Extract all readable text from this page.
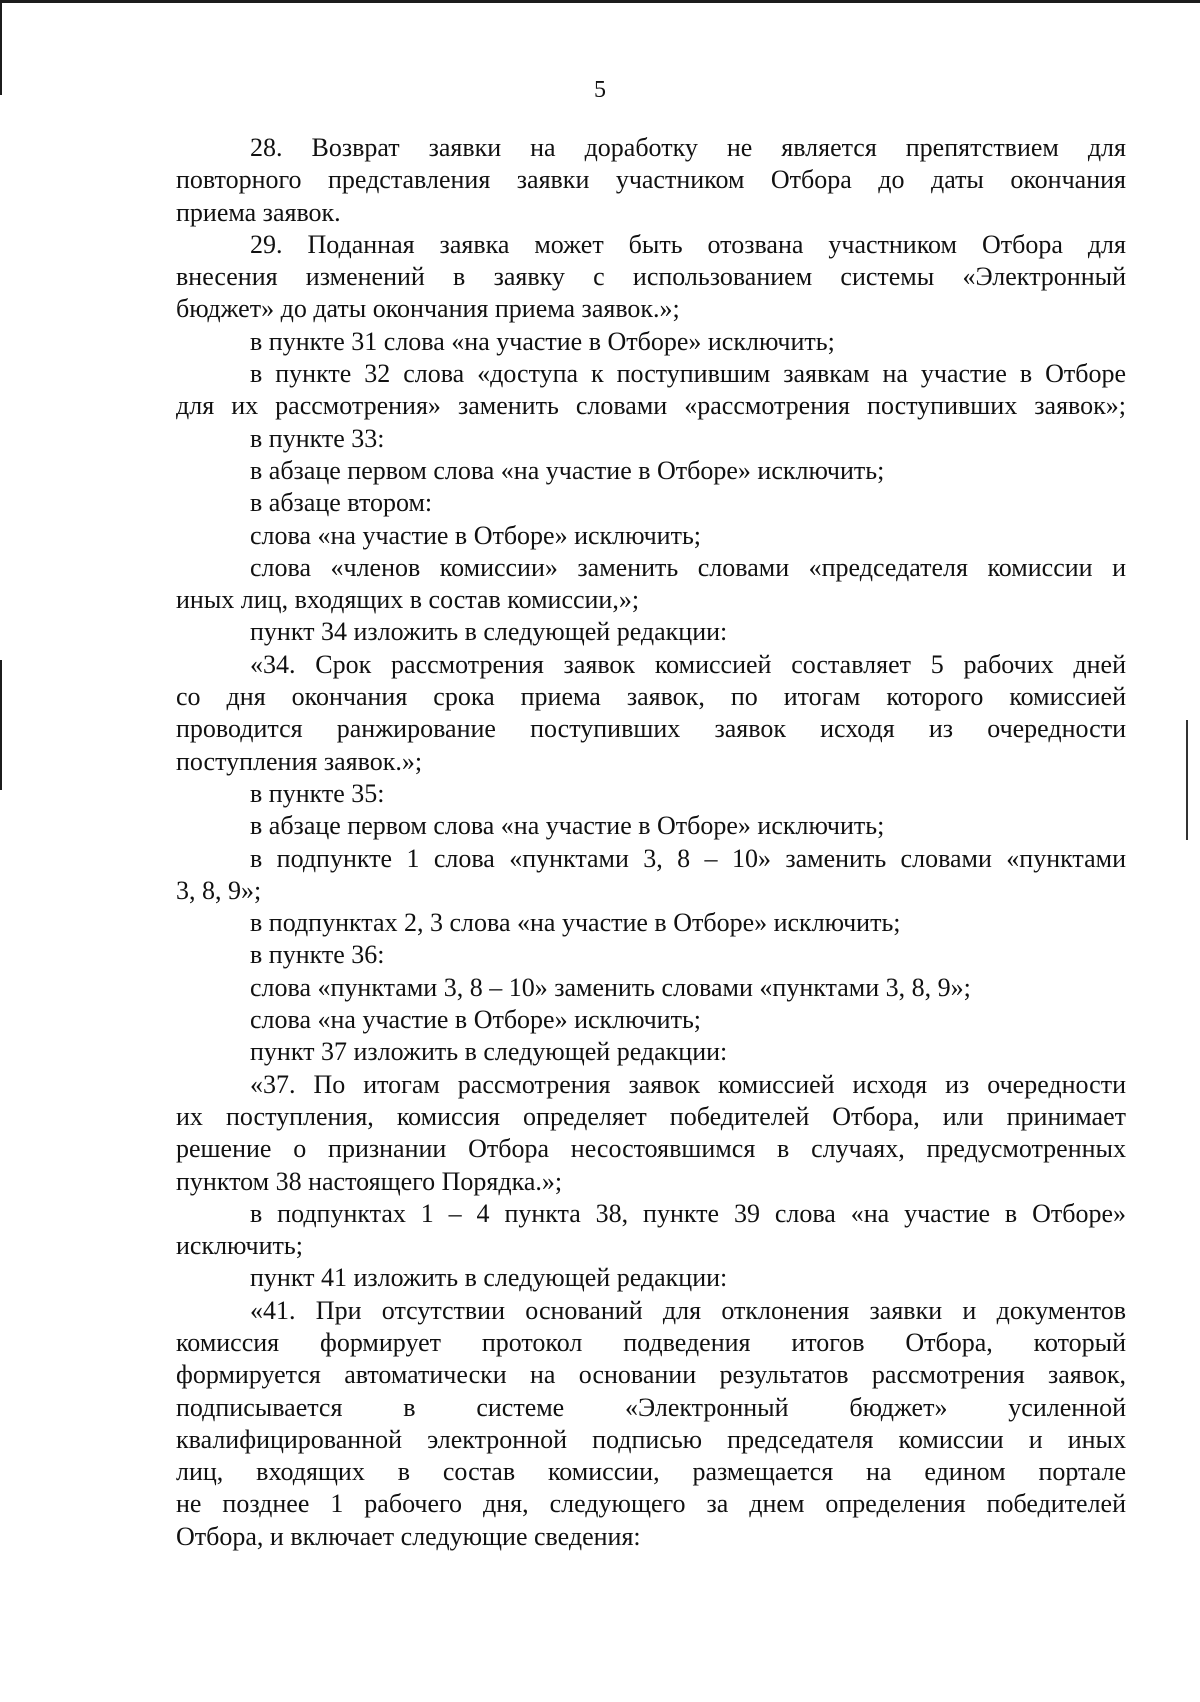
5
28. Возврат заявки на доработку не является препятствием для
повторного представления заявки участником Отбора до даты окончания
приема заявок.
29. Поданная заявка может быть отозвана участником Отбора для
внесения изменений в заявку с использованием системы «Электронный
бюджет» до даты окончания приема заявок.»;
в пункте 31 слова «на участие в Отборе» исключить;
в пункте 32 слова «доступа к поступившим заявкам на участие в Отборе
для их рассмотрения» заменить словами «рассмотрения поступивших заявок»;
в пункте 33:
в абзаце первом слова «на участие в Отборе» исключить;
в абзаце втором:
слова «на участие в Отборе» исключить;
слова «членов комиссии» заменить словами «председателя комиссии и
иных лиц, входящих в состав комиссии,»;
пункт 34 изложить в следующей редакции:
«34. Срок рассмотрения заявок комиссией составляет 5 рабочих дней
со дня окончания срока приема заявок, по итогам которого комиссией
проводится ранжирование поступивших заявок исходя из очередности
поступления заявок.»;
в пункте 35:
в абзаце первом слова «на участие в Отборе» исключить;
в подпункте 1 слова «пунктами 3, 8 – 10» заменить словами «пунктами
3, 8, 9»;
в подпунктах 2, 3 слова «на участие в Отборе» исключить;
в пункте 36:
слова «пунктами 3, 8 – 10» заменить словами «пунктами 3, 8, 9»;
слова «на участие в Отборе» исключить;
пункт 37 изложить в следующей редакции:
«37. По итогам рассмотрения заявок комиссией исходя из очередности
их поступления, комиссия определяет победителей Отбора, или принимает
решение о признании Отбора несостоявшимся в случаях, предусмотренных
пунктом 38 настоящего Порядка.»;
в подпунктах 1 – 4 пункта 38, пункте 39 слова «на участие в Отборе»
исключить;
пункт 41 изложить в следующей редакции:
«41. При отсутствии оснований для отклонения заявки и документов
комиссия формирует протокол подведения итогов Отбора, который
формируется автоматически на основании результатов рассмотрения заявок,
подписывается в системе «Электронный бюджет» усиленной
квалифицированной электронной подписью председателя комиссии и иных
лиц, входящих в состав комиссии, размещается на едином портале
не позднее 1 рабочего дня, следующего за днем определения победителей
Отбора, и включает следующие сведения:
